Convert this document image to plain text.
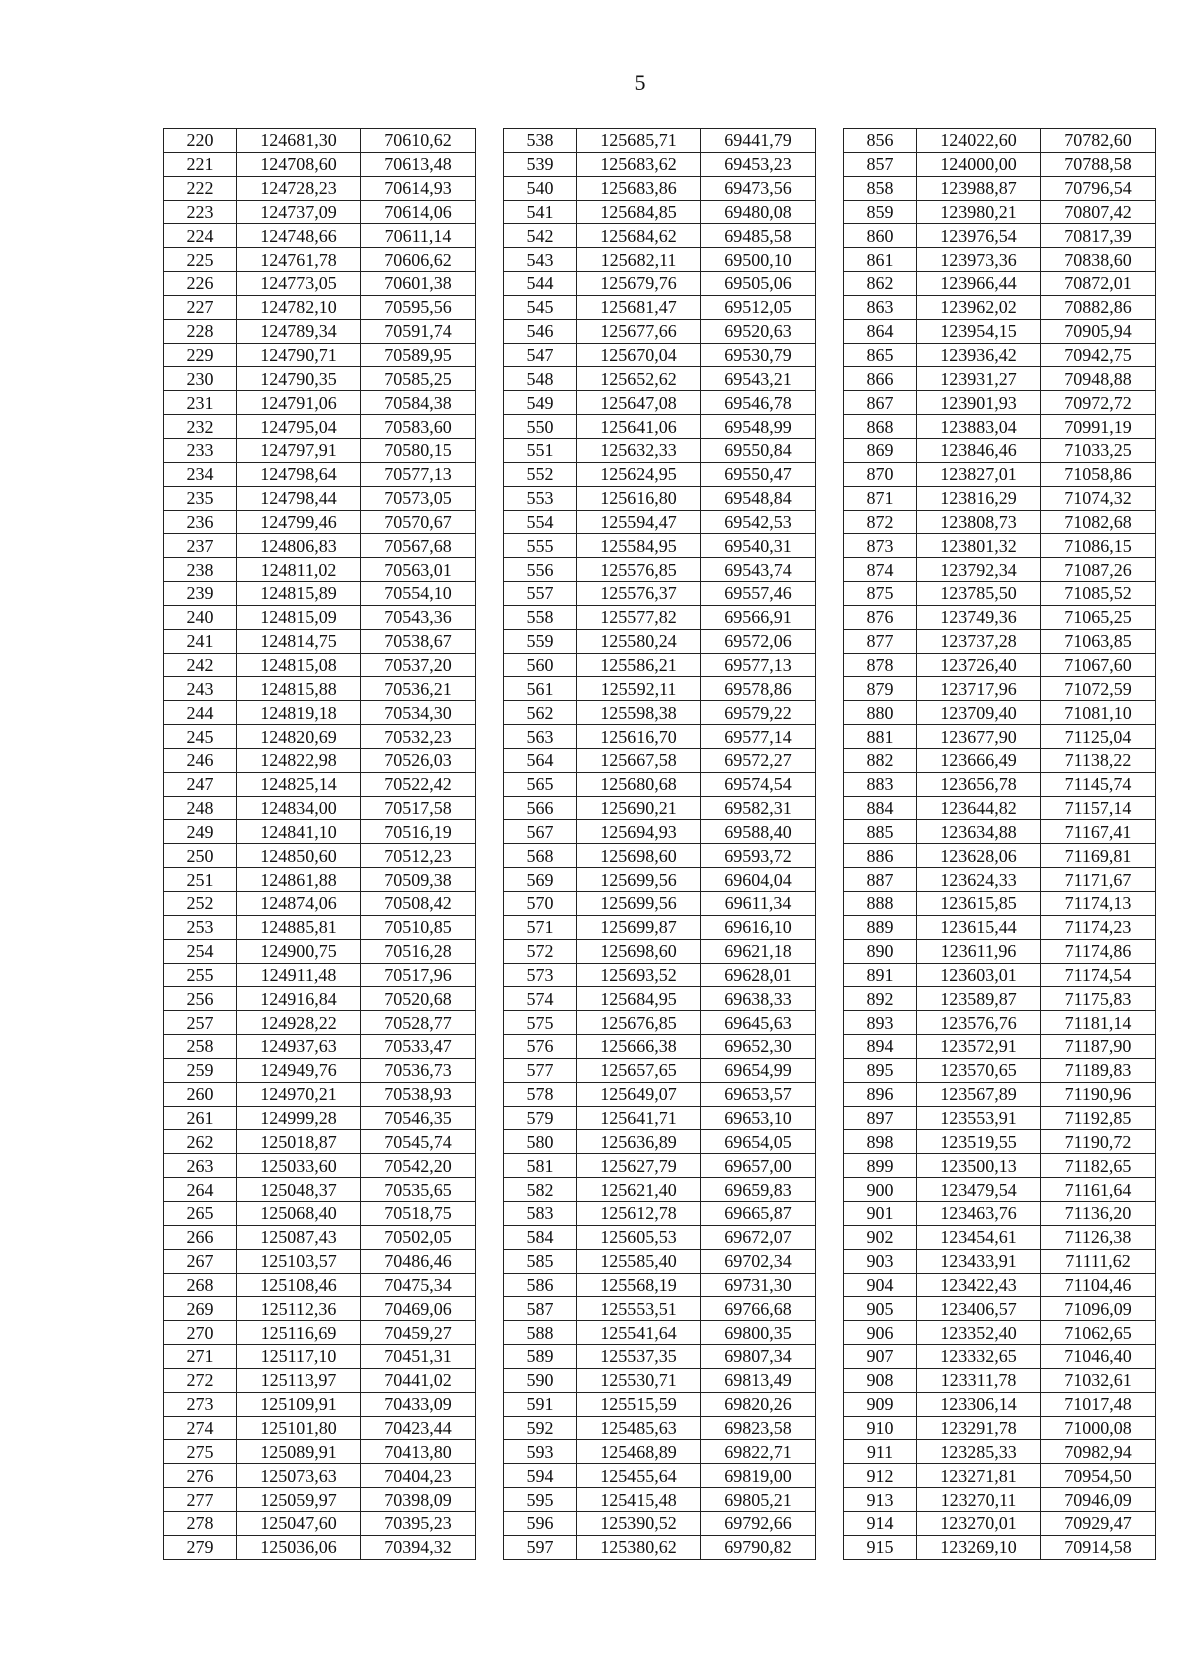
5
220	124681,30	70610,62		538	125685,71	69441,79		856	124022,60	70782,60
221	124708,60	70613,48		539	125683,62	69453,23		857	124000,00	70788,58
222	124728,23	70614,93		540	125683,86	69473,56		858	123988,87	70796,54
223	124737,09	70614,06		541	125684,85	69480,08		859	123980,21	70807,42
224	124748,66	70611,14		542	125684,62	69485,58		860	123976,54	70817,39
225	124761,78	70606,62		543	125682,11	69500,10		861	123973,36	70838,60
226	124773,05	70601,38		544	125679,76	69505,06		862	123966,44	70872,01
227	124782,10	70595,56		545	125681,47	69512,05		863	123962,02	70882,86
228	124789,34	70591,74		546	125677,66	69520,63		864	123954,15	70905,94
229	124790,71	70589,95		547	125670,04	69530,79		865	123936,42	70942,75
230	124790,35	70585,25		548	125652,62	69543,21		866	123931,27	70948,88
231	124791,06	70584,38		549	125647,08	69546,78		867	123901,93	70972,72
232	124795,04	70583,60		550	125641,06	69548,99		868	123883,04	70991,19
233	124797,91	70580,15		551	125632,33	69550,84		869	123846,46	71033,25
234	124798,64	70577,13		552	125624,95	69550,47		870	123827,01	71058,86
235	124798,44	70573,05		553	125616,80	69548,84		871	123816,29	71074,32
236	124799,46	70570,67		554	125594,47	69542,53		872	123808,73	71082,68
237	124806,83	70567,68		555	125584,95	69540,31		873	123801,32	71086,15
238	124811,02	70563,01		556	125576,85	69543,74		874	123792,34	71087,26
239	124815,89	70554,10		557	125576,37	69557,46		875	123785,50	71085,52
240	124815,09	70543,36		558	125577,82	69566,91		876	123749,36	71065,25
241	124814,75	70538,67		559	125580,24	69572,06		877	123737,28	71063,85
242	124815,08	70537,20		560	125586,21	69577,13		878	123726,40	71067,60
243	124815,88	70536,21		561	125592,11	69578,86		879	123717,96	71072,59
244	124819,18	70534,30		562	125598,38	69579,22		880	123709,40	71081,10
245	124820,69	70532,23		563	125616,70	69577,14		881	123677,90	71125,04
246	124822,98	70526,03		564	125667,58	69572,27		882	123666,49	71138,22
247	124825,14	70522,42		565	125680,68	69574,54		883	123656,78	71145,74
248	124834,00	70517,58		566	125690,21	69582,31		884	123644,82	71157,14
249	124841,10	70516,19		567	125694,93	69588,40		885	123634,88	71167,41
250	124850,60	70512,23		568	125698,60	69593,72		886	123628,06	71169,81
251	124861,88	70509,38		569	125699,56	69604,04		887	123624,33	71171,67
252	124874,06	70508,42		570	125699,56	69611,34		888	123615,85	71174,13
253	124885,81	70510,85		571	125699,87	69616,10		889	123615,44	71174,23
254	124900,75	70516,28		572	125698,60	69621,18		890	123611,96	71174,86
255	124911,48	70517,96		573	125693,52	69628,01		891	123603,01	71174,54
256	124916,84	70520,68		574	125684,95	69638,33		892	123589,87	71175,83
257	124928,22	70528,77		575	125676,85	69645,63		893	123576,76	71181,14
258	124937,63	70533,47		576	125666,38	69652,30		894	123572,91	71187,90
259	124949,76	70536,73		577	125657,65	69654,99		895	123570,65	71189,83
260	124970,21	70538,93		578	125649,07	69653,57		896	123567,89	71190,96
261	124999,28	70546,35		579	125641,71	69653,10		897	123553,91	71192,85
262	125018,87	70545,74		580	125636,89	69654,05		898	123519,55	71190,72
263	125033,60	70542,20		581	125627,79	69657,00		899	123500,13	71182,65
264	125048,37	70535,65		582	125621,40	69659,83		900	123479,54	71161,64
265	125068,40	70518,75		583	125612,78	69665,87		901	123463,76	71136,20
266	125087,43	70502,05		584	125605,53	69672,07		902	123454,61	71126,38
267	125103,57	70486,46		585	125585,40	69702,34		903	123433,91	71111,62
268	125108,46	70475,34		586	125568,19	69731,30		904	123422,43	71104,46
269	125112,36	70469,06		587	125553,51	69766,68		905	123406,57	71096,09
270	125116,69	70459,27		588	125541,64	69800,35		906	123352,40	71062,65
271	125117,10	70451,31		589	125537,35	69807,34		907	123332,65	71046,40
272	125113,97	70441,02		590	125530,71	69813,49		908	123311,78	71032,61
273	125109,91	70433,09		591	125515,59	69820,26		909	123306,14	71017,48
274	125101,80	70423,44		592	125485,63	69823,58		910	123291,78	71000,08
275	125089,91	70413,80		593	125468,89	69822,71		911	123285,33	70982,94
276	125073,63	70404,23		594	125455,64	69819,00		912	123271,81	70954,50
277	125059,97	70398,09		595	125415,48	69805,21		913	123270,11	70946,09
278	125047,60	70395,23		596	125390,52	69792,66		914	123270,01	70929,47
279	125036,06	70394,32		597	125380,62	69790,82		915	123269,10	70914,58
